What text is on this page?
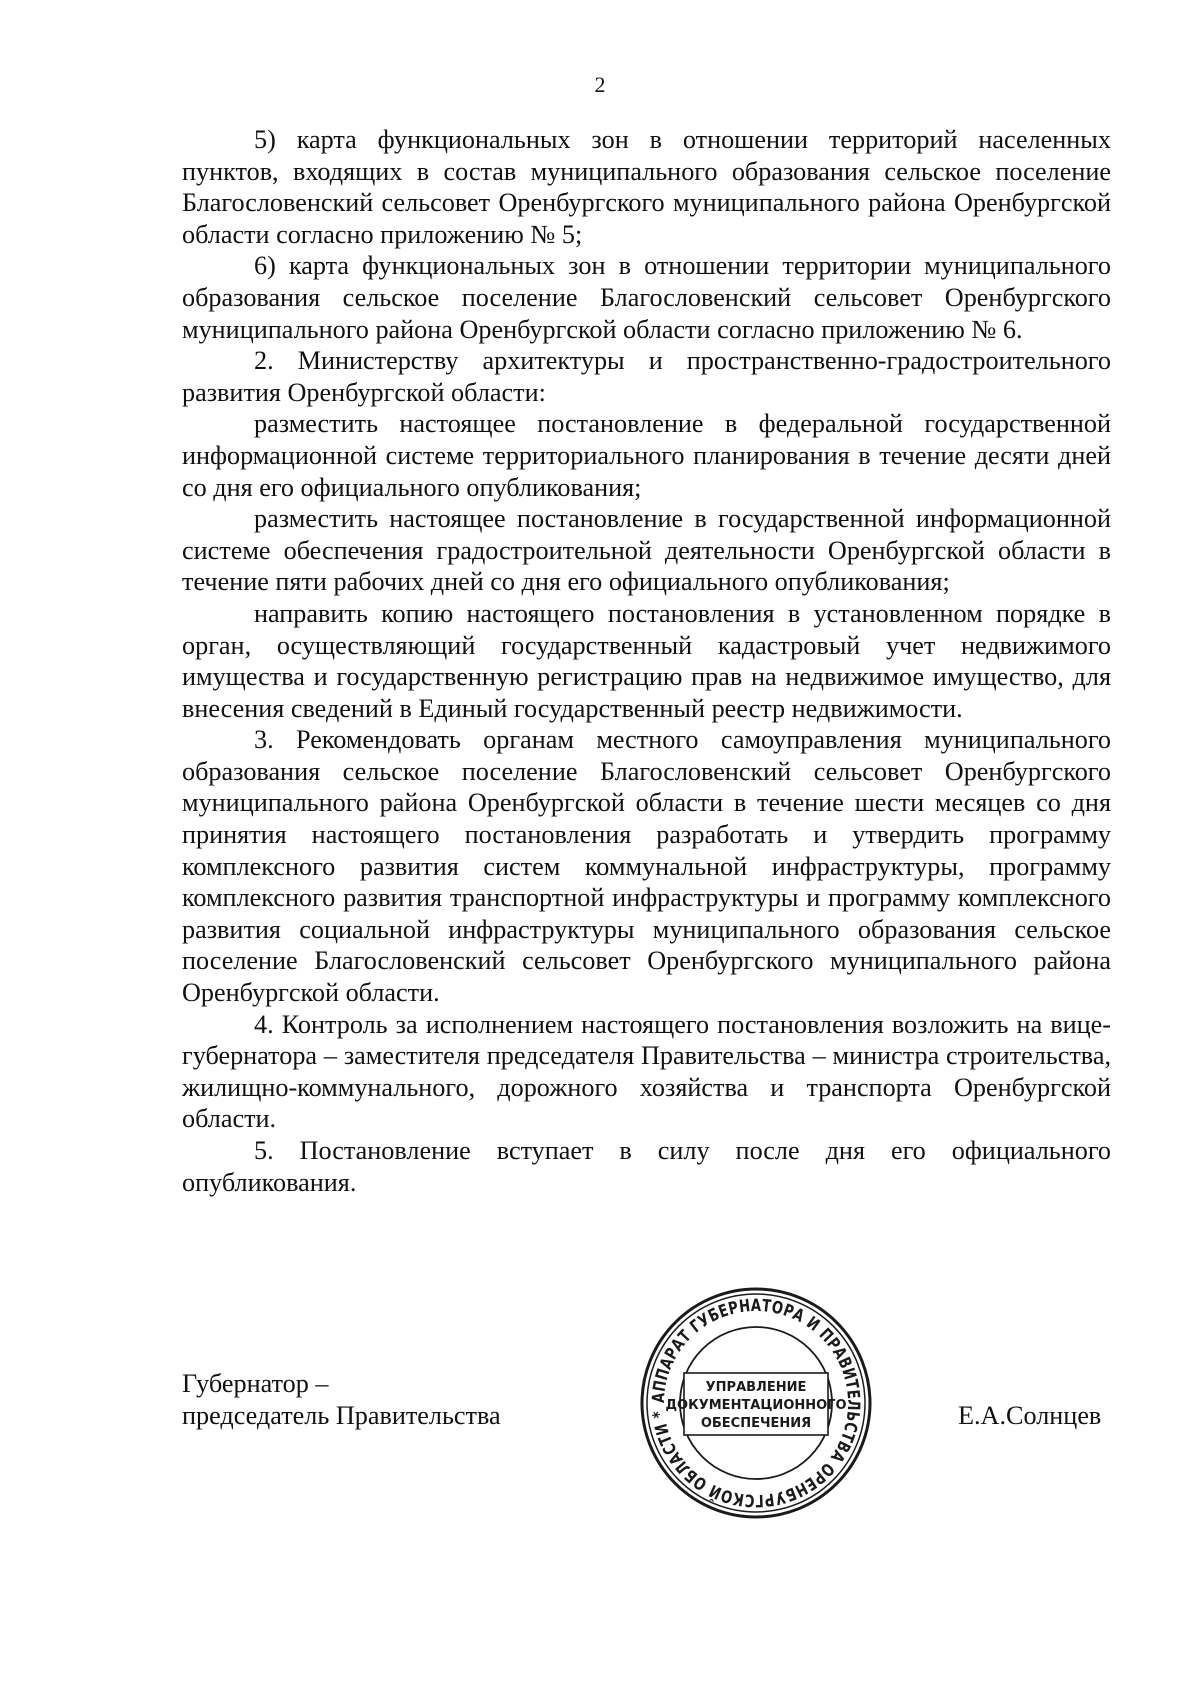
2

5) карта функциональных зон в отношении территорий населенных пунктов, входящих в состав муниципального образования сельское поселение Благословенский сельсовет Оренбургского муниципального района Оренбургской области согласно приложению № 5;

6) карта функциональных зон в отношении территории муниципального образования сельское поселение Благословенский сельсовет Оренбургского муниципального района Оренбургской области согласно приложению № 6.

2. Министерству архитектуры и пространственно-градостроительного развития Оренбургской области:

разместить настоящее постановление в федеральной государственной информационной системе территориального планирования в течение десяти дней со дня его официального опубликования;

разместить настоящее постановление в государственной информационной системе обеспечения градостроительной деятельности Оренбургской области в течение пяти рабочих дней со дня его официального опубликования;

направить копию настоящего постановления в установленном порядке в орган, осуществляющий государственный кадастровый учет недвижимого имущества и государственную регистрацию прав на недвижимое имущество, для внесения сведений в Единый государственный реестр недвижимости.

3. Рекомендовать органам местного самоуправления муниципального образования сельское поселение Благословенский сельсовет Оренбургского муниципального района Оренбургской области в течение шести месяцев со дня принятия настоящего постановления разработать и утвердить программу комплексного развития систем коммунальной инфраструктуры, программу комплексного развития транспортной инфраструктуры и программу комплексного развития социальной инфраструктуры муниципального образования сельское поселение Благословенский сельсовет Оренбургского муниципального района Оренбургской области.

4. Контроль за исполнением настоящего постановления возложить на вице-губернатора – заместителя председателя Правительства – министра строительства, жилищно-коммунального, дорожного хозяйства и транспорта Оренбургской области.

5. Постановление вступает в силу после дня его официального опубликования.

Губернатор –
председатель Правительства
АППАРАТ ГУБЕРНАТОРА И ПРАВИТЕЛЬСТВА ОРЕНБУРГСКОЙ ОБЛАСТИ *
УПРАВЛЕНИЕ
ДОКУМЕНТАЦИОННОГО
ОБЕСПЕЧЕНИЯ	Е.А.Солнцев
